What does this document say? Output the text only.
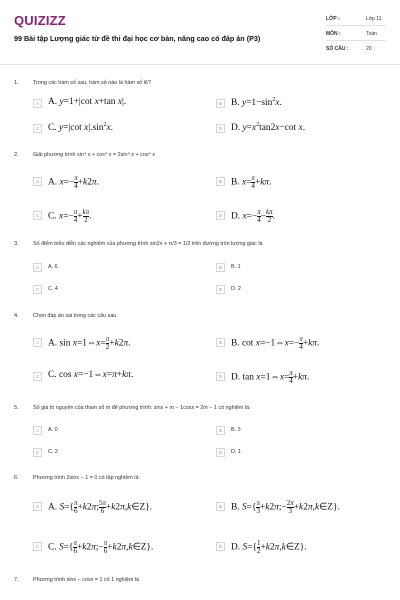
QUIZIZZ
99 Bài tập Lượng giác từ đề thi đại học cơ bản, nâng cao có đáp án (P3)
LỚP :	Lớp 11
MÔN :	Toán
SỐ CÂU :	20
1.	Trong các hàm số sau, hàm số nào là hàm số lẻ?
A A. y=1+|cot x+tan x|.	B B. $y=1-\sin^2x$.
C C. y=|cot $x|.\sin^2x$.	D D. $y=x^2\tan 2x-\cot$ x.
2.	Giải phương trình sin⁴ x + cos⁴ x = 2sin⁴ x + cos⁴ x
A A. $x=-\frac{\pi}{4} +k2\pi$.	B B. $x=\frac{\pi}{4} +k\pi$.
C C. $x=-\frac{\pi}{4} +\frac{k\pi}{2}$ .	D D. $x=-\frac{\pi}{4} -\frac{k\pi}{2}$ .
3.	Số điểm biểu diễn các nghiệm của phương trình sin2x + π/3 = 1/2 trên đường tròn lượng giác là
A	A. 6	B	B. 1
C	C. 4	D	D. 2
4.	Chọn đáp án sai trong các câu sau
A A. $\sin x=1\Leftrightarrow x=\frac{\pi}{2} +k2\pi$.	B B. $\cot x=-1\Leftrightarrow x=-\frac{\pi}{4} +k\pi$.
C C. cos x=−1⇔x=π+kπ.	D D. $\tan x=1\Leftrightarrow x=\frac{\pi}{4} +k\pi$.
5.	Số giá trị nguyên của tham số m để phương trình: sinx + m − 1cosx = 2m − 1 có nghiệm là:
A	A. 0	B	B. 3
C	C. 2	D	D. 1
6.	Phương trình 2sinx − 1 = 0 có tập nghiệm là:
A A. $S=\{\frac{\pi}{6}$ +k2π;5π

6 +k2π,k∈Z}.	B B. $S=\{\frac{\pi}{3}$ +k2π;−2π

3 +k2π,k∈Z}.
C C. $S=\{\frac{\pi}{6}$ $+k2\pi;-\frac{\pi}{6}$ +k2π,k∈Z}.	D D. S={1

2 +k2π,k∈Z}.
7.	Phương trình sinx − cosx = 1 có 1 nghiệm là
